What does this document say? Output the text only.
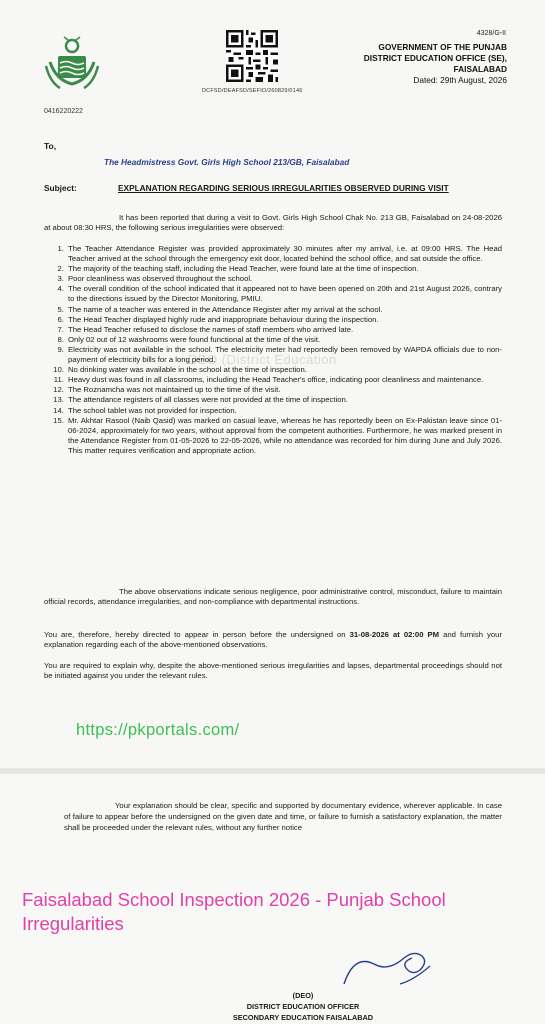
DCFSD/DEAFSD/SEFIO/260829/0146
4328/G-II
GOVERNMENT OF THE PUNJAB
DISTRICT EDUCATION OFFICE (SE),
FAISALABAD
Dated: 29th August, 2026
0416220222
To,
The Headmistress Govt. Girls High School 213/GB, Faisalabad
Subject:	EXPLANATION REGARDING SERIOUS IRREGULARITIES OBSERVED DURING VISIT
It has been reported that during a visit to Govt. Girls High School Chak No. 213 GB, Faisalabad on 24-08-2026 at about 08:30 HRS, the following serious irregularities were observed:
DEO (District Education
1. The Teacher Attendance Register was provided approximately 30 minutes after my arrival, i.e. at 09:00 HRS. The Head Teacher arrived at the school through the emergency exit door, located behind the school office, and sat outside the office.
2. The majority of the teaching staff, including the Head Teacher, were found late at the time of inspection.
3. Poor cleanliness was observed throughout the school.
4. The overall condition of the school indicated that it appeared not to have been opened on 20th and 21st August 2026, contrary to the directions issued by the Director Monitoring, PMIU.
5. The name of a teacher was entered in the Attendance Register after my arrival at the school.
6. The Head Teacher displayed highly rude and inappropriate behaviour during the inspection.
7. The Head Teacher refused to disclose the names of staff members who arrived late.
8. Only 02 out of 12 washrooms were found functional at the time of the visit.
9. Electricity was not available in the school. The electricity meter had reportedly been removed by WAPDA officials due to non-payment of electricity bills for a long period.
10. No drinking water was available in the school at the time of inspection.
11. Heavy dust was found in all classrooms, including the Head Teacher's office, indicating poor cleanliness and maintenance.
12. The Roznamcha was not maintained up to the time of the visit.
13. The attendance registers of all classes were not provided at the time of inspection.
14. The school tablet was not provided for inspection.
15. Mr. Akhtar Rasool (Naib Qasid) was marked on casual leave, whereas he has reportedly been on Ex-Pakistan leave since 01-06-2024, approximately for two years, without approval from the competent authorities. Furthermore, he was marked present in the Attendance Register from 01-05-2026 to 22-05-2026, while no attendance was recorded for him during June and July 2026. This matter requires verification and appropriate action.
The above observations indicate serious negligence, poor administrative control, misconduct, failure to maintain official records, attendance irregularities, and non-compliance with departmental instructions.
You are, therefore, hereby directed to appear in person before the undersigned on 31-08-2026 at 02:00 PM and furnish your explanation regarding each of the above-mentioned observations.
You are required to explain why, despite the above-mentioned serious irregularities and lapses, departmental proceedings should not be initiated against you under the relevant rules.
https://pkportals.com/
Your explanation should be clear, specific and supported by documentary evidence, wherever applicable. In case of failure to appear before the undersigned on the given date and time, or failure to furnish a satisfactory explanation, the matter shall be proceeded under the relevant rules, without any further notice
Faisalabad School Inspection 2026 - Punjab School Irregularities
(DEO)
DISTRICT EDUCATION OFFICER
SECONDARY EDUCATION FAISALABAD
